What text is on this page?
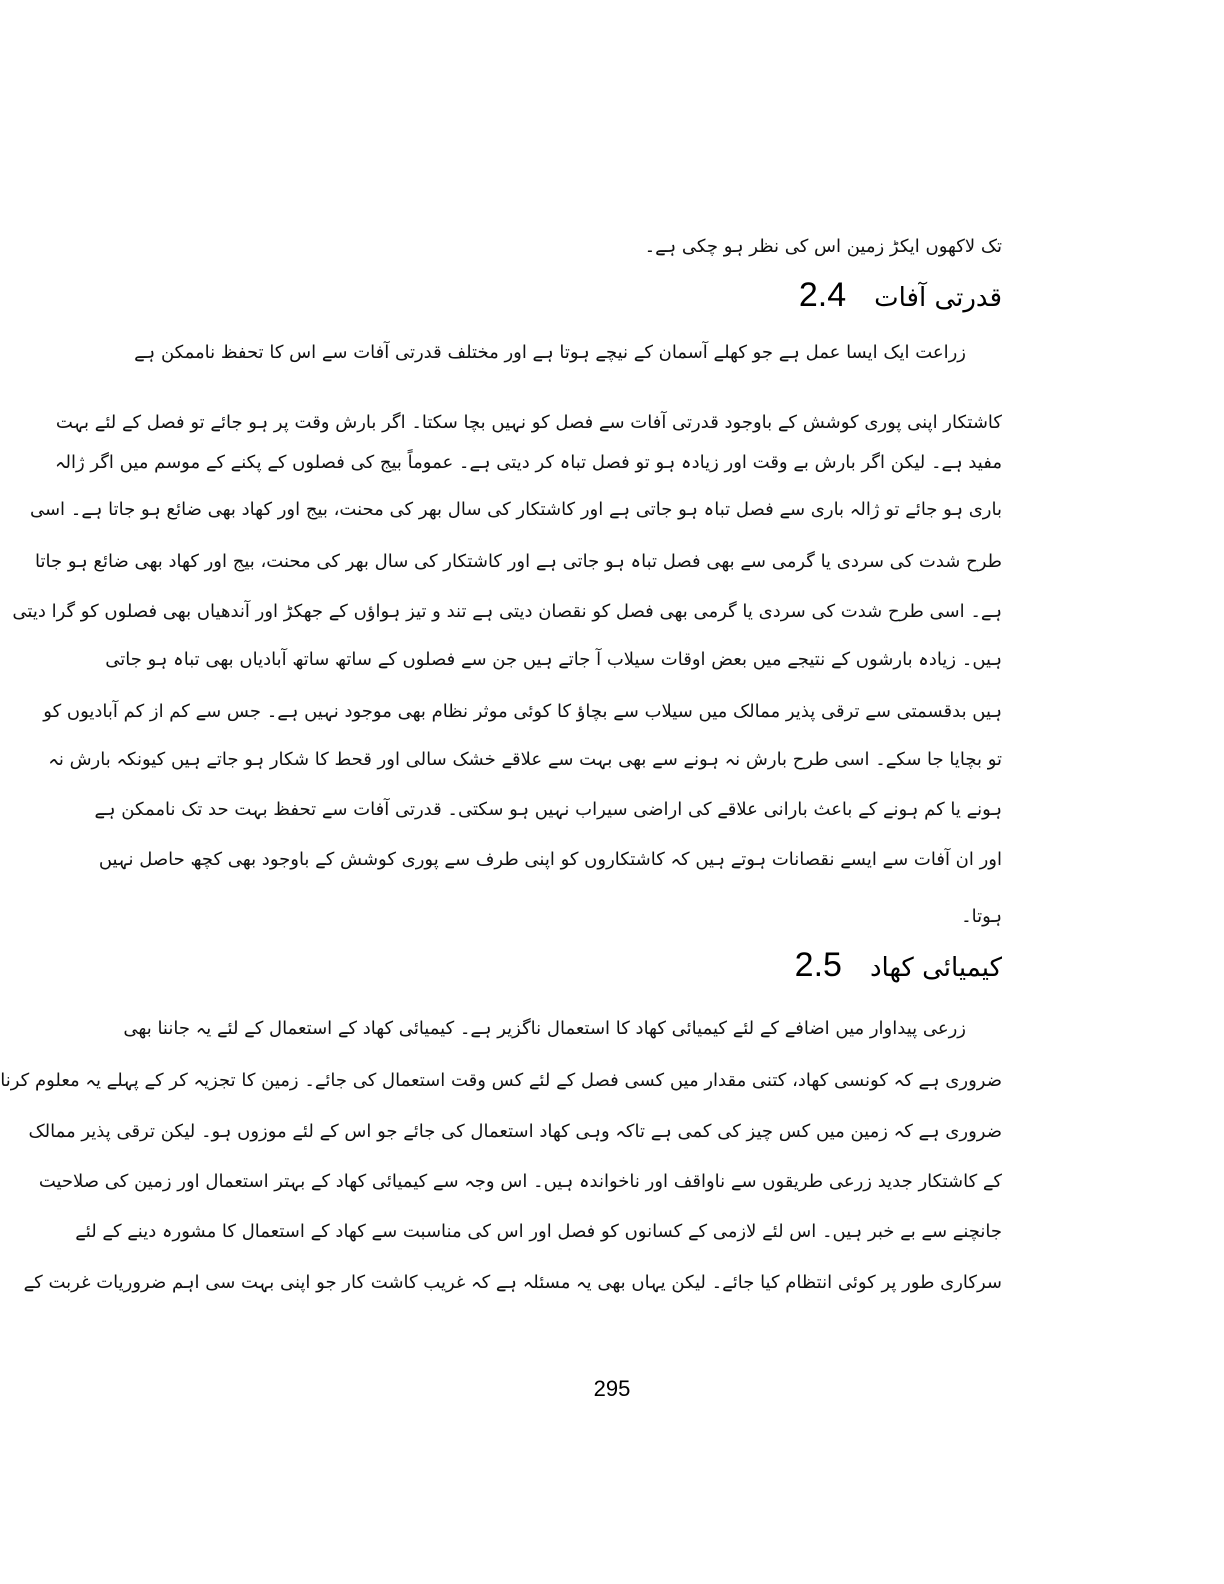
تک لاکھوں ایکڑ زمین اس کی نظر ہو چکی ہے۔
قدرتی آفات
2.4
زراعت ایک ایسا عمل ہے جو کھلے آسمان کے نیچے ہوتا ہے اور مختلف قدرتی آفات سے اس کا تحفظ ناممکن ہے
کاشتکار اپنی پوری کوشش کے باوجود قدرتی آفات سے فصل کو نہیں بچا سکتا۔ اگر بارش وقت پر ہو جائے تو فصل کے لئے بہت
مفید ہے۔ لیکن اگر بارش بے وقت اور زیادہ ہو تو فصل تباہ کر دیتی ہے۔ عموماً بیج کی فصلوں کے پکنے کے موسم میں اگر ژالہ
باری ہو جائے تو ژالہ باری سے فصل تباہ ہو جاتی ہے اور کاشتکار کی سال بھر کی محنت، بیج اور کھاد بھی ضائع ہو جاتا ہے۔ اسی
طرح شدت کی سردی یا گرمی سے بھی فصل تباہ ہو جاتی ہے اور کاشتکار کی سال بھر کی محنت، بیج اور کھاد بھی ضائع ہو جاتا
ہے۔ اسی طرح شدت کی سردی یا گرمی بھی فصل کو نقصان دیتی ہے تند و تیز ہواؤں کے جھکڑ اور آندھیاں بھی فصلوں کو گرا دیتی
ہیں۔ زیادہ بارشوں کے نتیجے میں بعض اوقات سیلاب آ جاتے ہیں جن سے فصلوں کے ساتھ ساتھ آبادیاں بھی تباہ ہو جاتی
ہیں بدقسمتی سے ترقی پذیر ممالک میں سیلاب سے بچاؤ کا کوئی موثر نظام بھی موجود نہیں ہے۔ جس سے کم از کم آبادیوں کو
تو بچایا جا سکے۔ اسی طرح بارش نہ ہونے سے بھی بہت سے علاقے خشک سالی اور قحط کا شکار ہو جاتے ہیں کیونکہ بارش نہ
ہونے یا کم ہونے کے باعث بارانی علاقے کی اراضی سیراب نہیں ہو سکتی۔ قدرتی آفات سے تحفظ بہت حد تک ناممکن ہے
اور ان آفات سے ایسے نقصانات ہوتے ہیں کہ کاشتکاروں کو اپنی طرف سے پوری کوشش کے باوجود بھی کچھ حاصل نہیں
ہوتا۔
کیمیائی کھاد
2.5
زرعی پیداوار میں اضافے کے لئے کیمیائی کھاد کا استعمال ناگزیر ہے۔ کیمیائی کھاد کے استعمال کے لئے یہ جاننا بھی
ضروری ہے کہ کونسی کھاد، کتنی مقدار میں کسی فصل کے لئے کس وقت استعمال کی جائے۔ زمین کا تجزیہ کر کے پہلے یہ معلوم کرنا
ضروری ہے کہ زمین میں کس چیز کی کمی ہے تاکہ وہی کھاد استعمال کی جائے جو اس کے لئے موزوں ہو۔ لیکن ترقی پذیر ممالک
کے کاشتکار جدید زرعی طریقوں سے ناواقف اور ناخواندہ ہیں۔ اس وجہ سے کیمیائی کھاد کے بہتر استعمال اور زمین کی صلاحیت
جانچنے سے بے خبر ہیں۔ اس لئے لازمی کے کسانوں کو فصل اور اس کی مناسبت سے کھاد کے استعمال کا مشورہ دینے کے لئے
سرکاری طور پر کوئی انتظام کیا جائے۔ لیکن یہاں بھی یہ مسئلہ ہے کہ غریب کاشت کار جو اپنی بہت سی اہم ضروریات غربت کے
295
